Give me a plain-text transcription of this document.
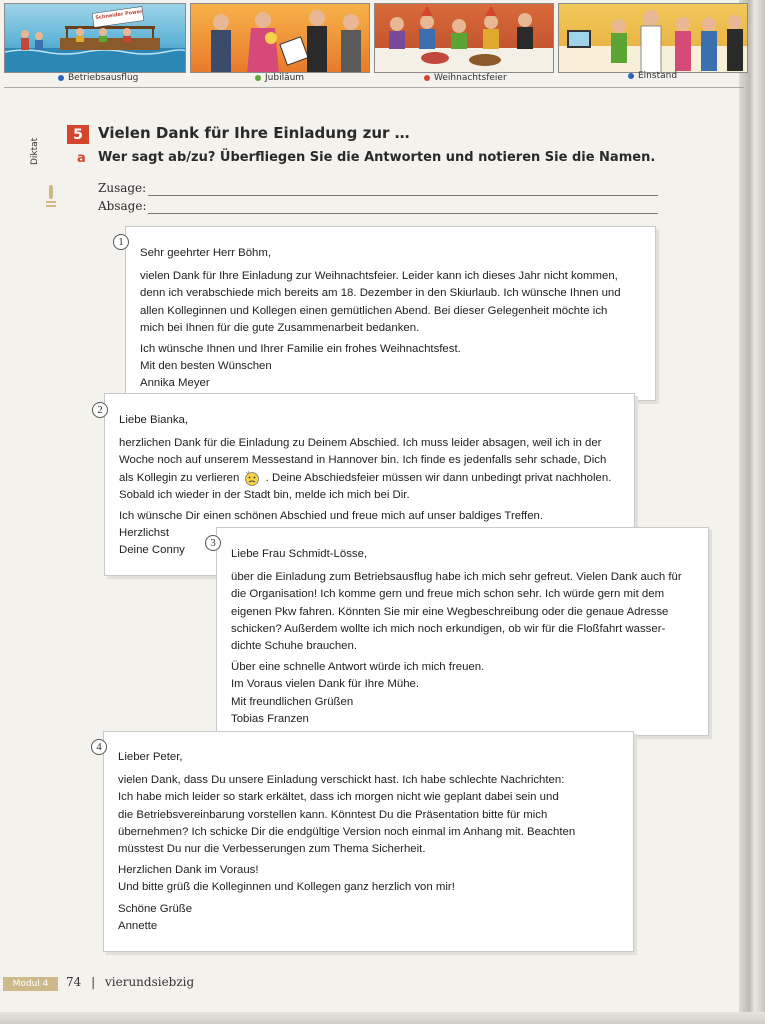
Schneider Power
Betriebsausflug	Jubiläum	Weihnachtsfeier	Einstand
5	Vielen Dank für Ihre Einladung zur …
Diktat	a Wer sagt ab/zu? Überfliegen Sie die Antworten und notieren Sie die Namen.
Zusage:
Absage:

Sehr geehrter Herr Böhm,

vielen Dank für Ihre Einladung zur Weihnachtsfeier. Leider kann ich dieses Jahr nicht kommen,
denn ich verabschiede mich bereits am 18. Dezember in den Skiurlaub. Ich wünsche Ihnen und
allen Kolleginnen und Kollegen einen gemütlichen Abend. Bei dieser Gelegenheit möchte ich
mich bei Ihnen für die gute Zusammenarbeit bedanken.
Ich wünsche Ihnen und Ihrer Familie ein frohes Weihnachtsfest.
Mit den besten Wünschen
Annika Meyer
1

Liebe Bianka,

herzlichen Dank für die Einladung zu Deinem Abschied. Ich muss leider absagen, weil ich in der
Woche noch auf unserem Messestand in Hannover bin. Ich finde es jedenfalls sehr schade, Dich
als Kollegin zu verlieren . Deine Abschiedsfeier müssen wir dann unbedingt privat nachholen.
Sobald ich wieder in der Stadt bin, melde ich mich bei Dir.
Ich wünsche Dir einen schönen Abschied und freue mich auf unser baldiges Treffen.
Herzlichst
Deine Conny
2

Liebe Frau Schmidt-Lösse,

über die Einladung zum Betriebsausflug habe ich mich sehr gefreut. Vielen Dank auch für
die Organisation! Ich komme gern und freue mich schon sehr. Ich würde gern mit dem
eigenen Pkw fahren. Könnten Sie mir eine Wegbeschreibung oder die genaue Adresse
schicken? Außerdem wollte ich mich noch erkundigen, ob wir für die Floßfahrt wasser-
dichte Schuhe brauchen.
Über eine schnelle Antwort würde ich mich freuen.
Im Voraus vielen Dank für Ihre Mühe.
Mit freundlichen Grüßen
Tobias Franzen
3

Lieber Peter,

vielen Dank, dass Du unsere Einladung verschickt hast. Ich habe schlechte Nachrichten:
Ich habe mich leider so stark erkältet, dass ich morgen nicht wie geplant dabei sein und
die Betriebsvereinbarung vorstellen kann. Könntest Du die Präsentation bitte für mich
übernehmen? Ich schicke Dir die endgültige Version noch einmal im Anhang mit. Beachten
müsstest Du nur die Verbesserungen zum Thema Sicherheit.
Herzlichen Dank im Voraus!
Und bitte grüß die Kolleginnen und Kollegen ganz herzlich von mir!
Schöne Grüße
Annette
4
Modul 4	74 | vierundsiebzig
